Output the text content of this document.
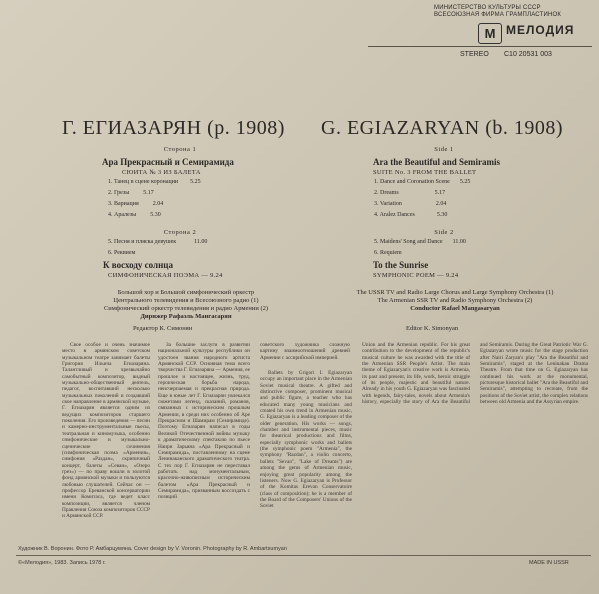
МИНИСТЕРСТВО КУЛЬТУРЫ СССР
ВСЕСОЮЗНАЯ ФИРМА ГРАМПЛАСТИНОК
М МЕЛОДИЯ
STEREO С10 20531 003
Г. ЕГИАЗАРЯН (р. 1908) G. EGIAZARYAN (b. 1908)
Сторона 1
Ара Прекрасный и Семирамида
СЮИТА № 3 ИЗ БАЛЕТА
1. Танец в сцене коронации 5.25
2. Грезы 5.17
3. Вариация 2.04
4. Аралезы 5.30
Сторона 2
5. Песня и пляска девушек	11.00
6. Реквием
К восходу солнца
СИМФОНИЧЕСКАЯ ПОЭМА — 9.24
Большой хор и Большой симфонический оркестр
Центрального телевидения и Всесоюзного радио (1)
Симфонический оркестр телевидения и радио Армении (2)
Дирижер Рафаэль Мангасарян
Редактор К. Симонян
Side 1
Ara the Beautiful and Semiramis
SUITE No. 3 FROM THE BALLET
1. Dance and Coronation Scene 5.25
2. Dreams	5.17
3. Variation	2.04
4. Aralez Dances	5.30
Side 2
5. Maidens' Song and Dance 11.00
6. Requiem
To the Sunrise
SYMPHONIC POEM — 9.24
The USSR TV and Radio Large Chorus and Large Symphony Orchestra (1)
The Armenian SSR TV and Radio Symphony Orchestra (2)
Conductor Rafael Mangasaryan
Editor K. Simonyan

Свое особое и очень значимое место в армянском советском музыкальном театре занимает балеты Григория Ильича Егиазаряна. Талантливый и чрезвычайно самобытный композитор, видный музыкально-общественный деятель, педагог, воспитавший несколько музыкальных поколений и создавший свое направление в армянской музыке, Г. Егиазарян является одним из ведущих композиторов старшего поколения. Его произведения — песни и камерно-инструментальные пьесы, театральная и киномузыка, особенно симфонические и музыкально-сценические сочинения (симфоническая поэма «Армения», симфония «Раздан», скрипичный концерт, балеты «Севан», «Озеро грез») — по праву вошли в золотой фонд армянской музыки и пользуются любовью слушателей. Сейчас он — профессор Ереванской консерватории имени Комитаса, где ведет класс композиции, является членом Правления Союза композиторов СССР и Армянской ССР.

За большие заслуги в развитии национальной культуры республики он удостоен звания народного артиста Армянской ССР. Основная тема всего творчества Г. Егиазаряна — Армения, ее прошлое и настоящее, жизнь, труд, героическая борьба народа, неисчерпаемая и прекрасная природа. Еще в юные лет Г. Егиазарян увлекался сюжетами легенд, сказаний, романов, связанных с историческим прошлым Армении, в среди них особенно об Аре Прекрасном и Шамирам (Семирамиде). Поэтому Егиазарян написал в годы Великой Отечественной войны музыку к драматическому спектаклю по пьесе Наири Зарьяна «Ара Прекрасный и Семирамида», поставленному на сцене Ленинаканского драматического театра. С тех пор Г. Егиазарян не переставал работать над монументальным, красочно-живописным историческим балетом «Ара Прекрасный и Семирамида», призванным воссоздать с позиций

советского художника сложную картину взаимоотношений древней Армении с ассирийской империей.

Ballets by Grigori I. Egiazaryan occupy an important place in the Armenian Soviet musical theatre. A gifted and distinctive composer, prominent musical and public figure, a teacher who has educated many young musicians and created his own trend in Armenian music, G. Egiazaryan is a leading composer of the older generation. His works — songs, chamber and instrumental pieces, music for theatrical productions and films, especially symphonic works and ballets (the symphonic poem "Armenia", the symphony "Razdan", a violin concerto, ballets "Sevan", "Lake of Dreams") are among the gems of Armenian music, enjoying great popularity among the listeners. Now G. Egiazaryan is Professor of the Komitas Erevan Conservatoire (class of composition); he is a member of the Board of the Composers' Unions of the Soviet

Union and the Armenian republic. For his great contribution to the development of the republic's musical culture he was awarded with the title of the Armenian SSR People's Artist. The main theme of Egiazaryan's creative work is Armenia, its past and present, its life, work, heroic struggle of its people, majestic and beautiful nature. Already in his youth G. Egiazaryan was fascinated with legends, fairy-tales, novels about Armenia's history, especially the story of Ara the Beautiful and Semiramis. During the Great Patriotic War G. Egiazaryan wrote music for the stage production after Nairi Zaryan's play "Ara the Beautiful and Semiramis", staged at the Leninakan Drama Theatre. From that time on G. Egiazaryan has continued his work at the monumental, picturesque historical ballet "Ara the Beautiful and Semiramis", attempting to recreate, from the positions of the Soviet artist, the complex relations between old Armenia and the Assyrian empire.

Художник В. Воронин. Фото Р. Амбарцумяна. Cover design by V. Voronin. Photography by R. Ambartsumyan
©«Мелодия», 1983. Запись 1978 г.	MADE IN USSR
